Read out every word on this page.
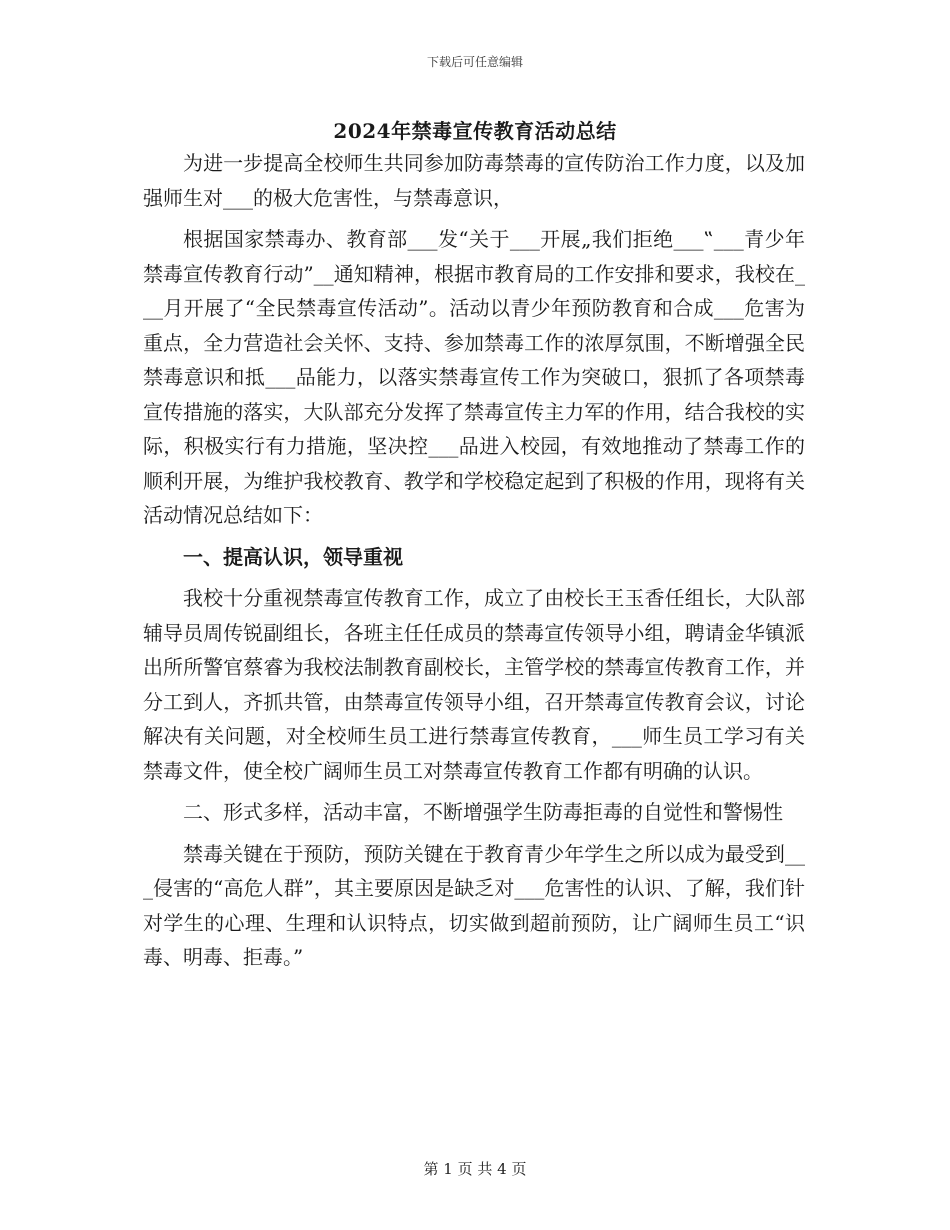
下载后可任意编辑
2024年禁毒宣传教育活动总结

为进一步提高全校师生共同参加防毒禁毒的宣传防治工作力度，以及加强师生对___的极大危害性，与禁毒意识，

根据国家禁毒办、教育部___发“关于___开展„我们拒绝___‟___青少年禁毒宣传教育行动”__通知精神，根据市教育局的工作安排和要求，我校在___月开展了“全民禁毒宣传活动”。活动以青少年预防教育和合成___危害为重点，全力营造社会关怀、支持、参加禁毒工作的浓厚氛围，不断增强全民禁毒意识和抵___品能力，以落实禁毒宣传工作为突破口，狠抓了各项禁毒宣传措施的落实，大队部充分发挥了禁毒宣传主力军的作用，结合我校的实际，积极实行有力措施，坚决控___品进入校园，有效地推动了禁毒工作的顺利开展，为维护我校教育、教学和学校稳定起到了积极的作用，现将有关活动情况总结如下：

一、提高认识，领导重视

我校十分重视禁毒宣传教育工作，成立了由校长王玉香任组长，大队部辅导员周传锐副组长，各班主任任成员的禁毒宣传领导小组，聘请金华镇派出所所警官蔡睿为我校法制教育副校长，主管学校的禁毒宣传教育工作，并分工到人，齐抓共管，由禁毒宣传领导小组，召开禁毒宣传教育会议，讨论解决有关问题，对全校师生员工进行禁毒宣传教育，___师生员工学习有关禁毒文件，使全校广阔师生员工对禁毒宣传教育工作都有明确的认识。

二、形式多样，活动丰富，不断增强学生防毒拒毒的自觉性和警惕性

禁毒关键在于预防，预防关键在于教育青少年学生之所以成为最受到___侵害的“高危人群”，其主要原因是缺乏对___危害性的认识、了解，我们针对学生的心理、生理和认识特点，切实做到超前预防，让广阔师生员工“识毒、明毒、拒毒。”

第 1 页 共 4 页
